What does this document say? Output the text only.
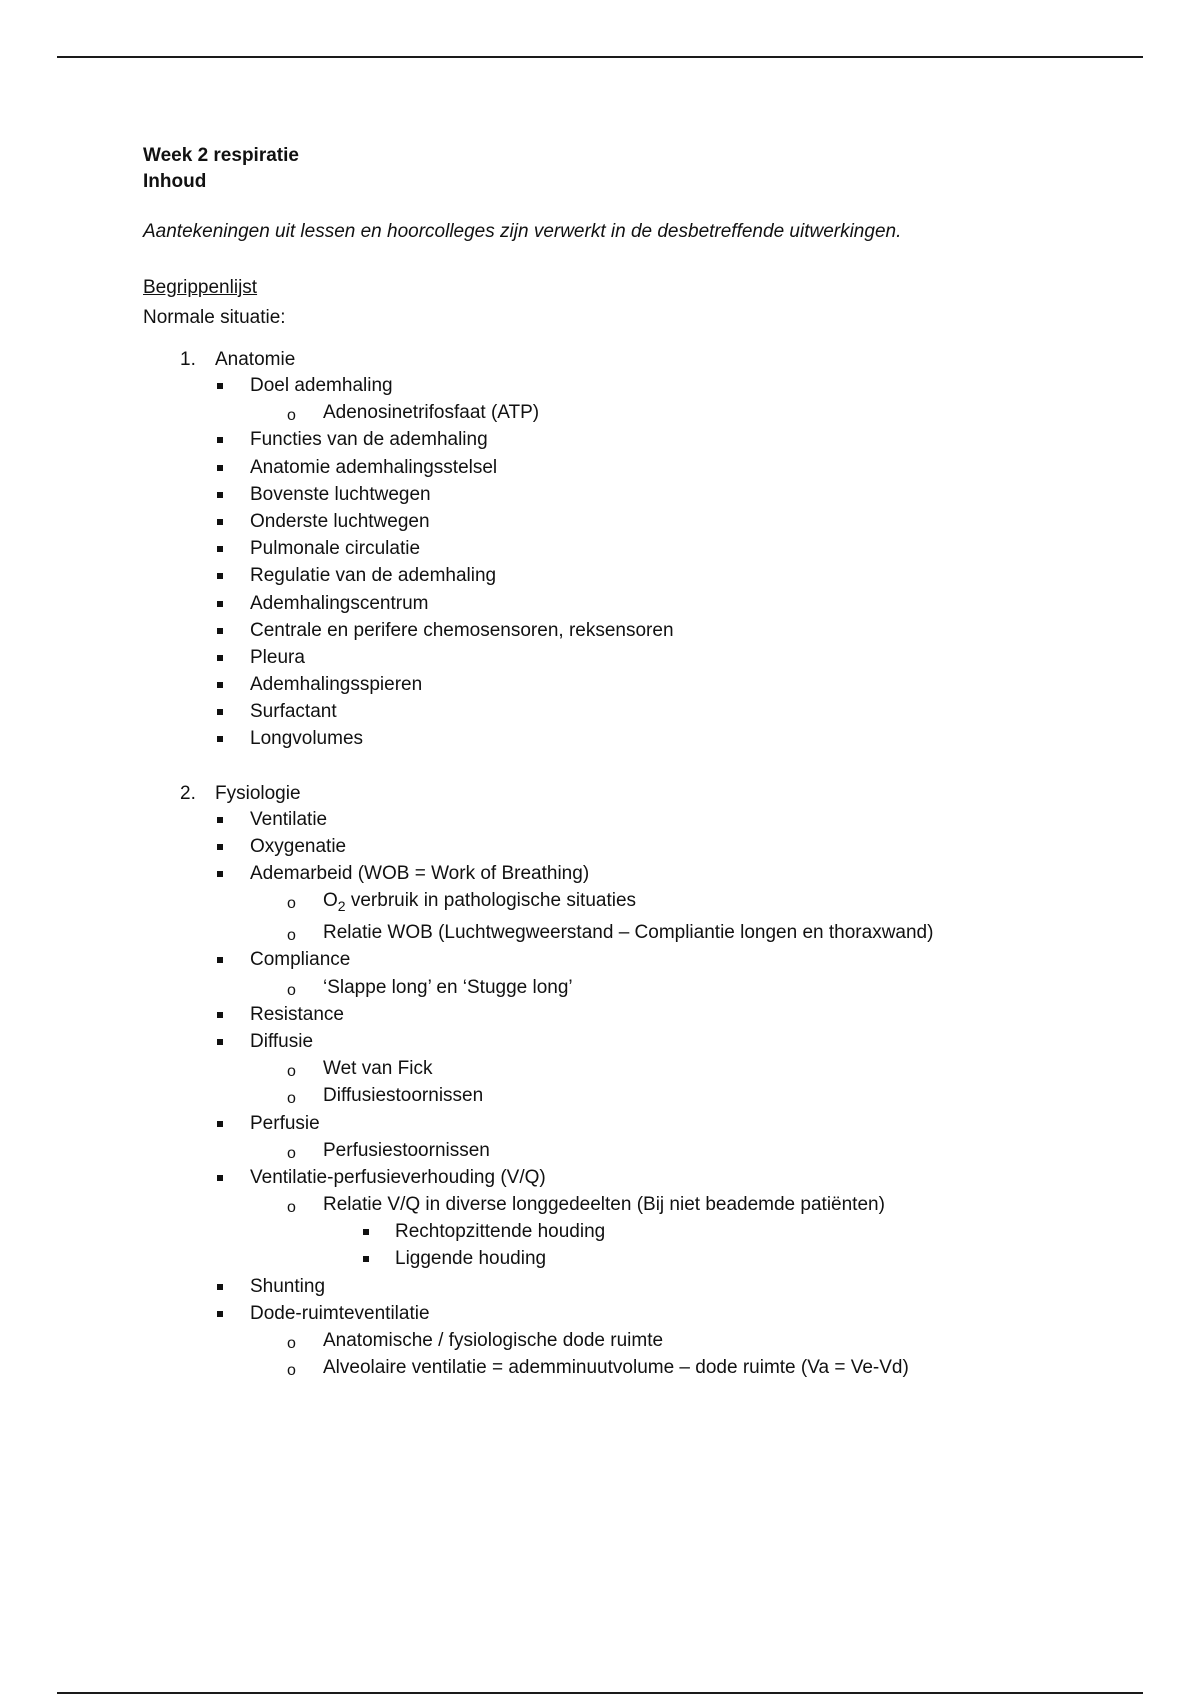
Week 2 respiratie
Inhoud
Aantekeningen uit lessen en hoorcolleges zijn verwerkt in de desbetreffende uitwerkingen.
Begrippenlijst
Normale situatie:
1. Anatomie
Doel ademhaling
o Adenosinetrifosfaat (ATP)
Functies van de ademhaling
Anatomie ademhalingsstelsel
Bovenste luchtwegen
Onderste luchtwegen
Pulmonale circulatie
Regulatie van de ademhaling
Ademhalingscentrum
Centrale en perifere chemosensoren, reksensoren
Pleura
Ademhalingsspieren
Surfactant
Longvolumes
2. Fysiologie
Ventilatie
Oxygenatie
Ademarbeid (WOB = Work of Breathing)
o $O_2$ verbruik in pathologische situaties
o Relatie WOB (Luchtwegweerstand – Compliantie longen en thoraxwand)
Compliance
o ‘Slappe long’ en ‘Stugge long’
Resistance
Diffusie
o Wet van Fick
o Diffusiestoornissen
Perfusie
o Perfusiestoornissen
Ventilatie-perfusieverhouding (V/Q)
o Relatie V/Q in diverse longgedeelten (Bij niet beademde patiënten)
Rechtopzittende houding
Liggende houding
Shunting
Dode-ruimteventilatie
o Anatomische / fysiologische dode ruimte
o Alveolaire ventilatie = ademminuutvolume – dode ruimte (Va = Ve-Vd)
